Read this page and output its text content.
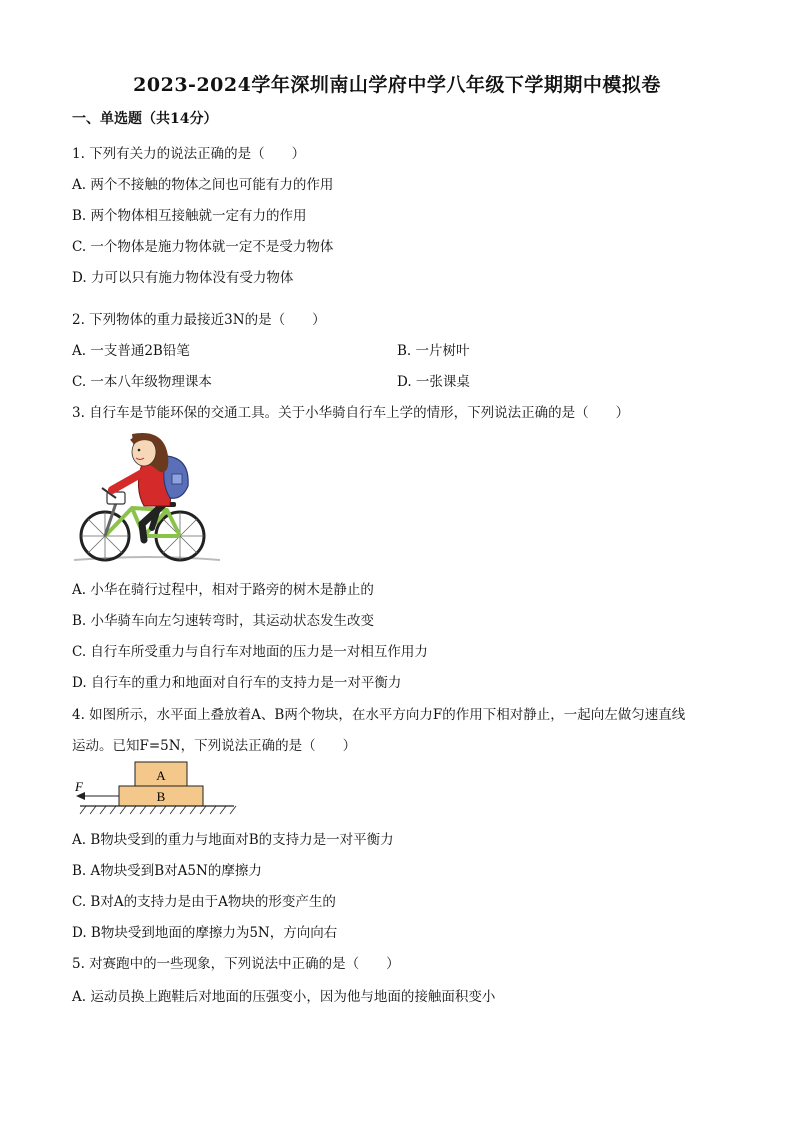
2023-2024学年深圳南山学府中学八年级下学期期中模拟卷
一、单选题（共14分）
1. 下列有关力的说法正确的是（　　）
A. 两个不接触的物体之间也可能有力的作用
B. 两个物体相互接触就一定有力的作用
C. 一个物体是施力物体就一定不是受力物体
D. 力可以只有施力物体没有受力物体
2. 下列物体的重力最接近3N的是（　　）
A. 一支普通2B铅笔	B. 一片树叶
C. 一本八年级物理课本	D. 一张课桌
3. 自行车是节能环保的交通工具。关于小华骑自行车上学的情形，下列说法正确的是（　　）
A. 小华在骑行过程中，相对于路旁的树木是静止的
B. 小华骑车向左匀速转弯时，其运动状态发生改变
C. 自行车所受重力与自行车对地面的压力是一对相互作用力
D. 自行车的重力和地面对自行车的支持力是一对平衡力
4. 如图所示，水平面上叠放着A、B两个物块，在水平方向力F的作用下相对静止，一起向左做匀速直线
运动。已知F=5N，下列说法正确的是（　　）
A
B
F
A. B物块受到的重力与地面对B的支持力是一对平衡力
B. A物块受到B对A5N的摩擦力
C. B对A的支持力是由于A物块的形变产生的
D. B物块受到地面的摩擦力为5N，方向向右
5. 对赛跑中的一些现象，下列说法中正确的是（　　）
A. 运动员换上跑鞋后对地面的压强变小，因为他与地面的接触面积变小
